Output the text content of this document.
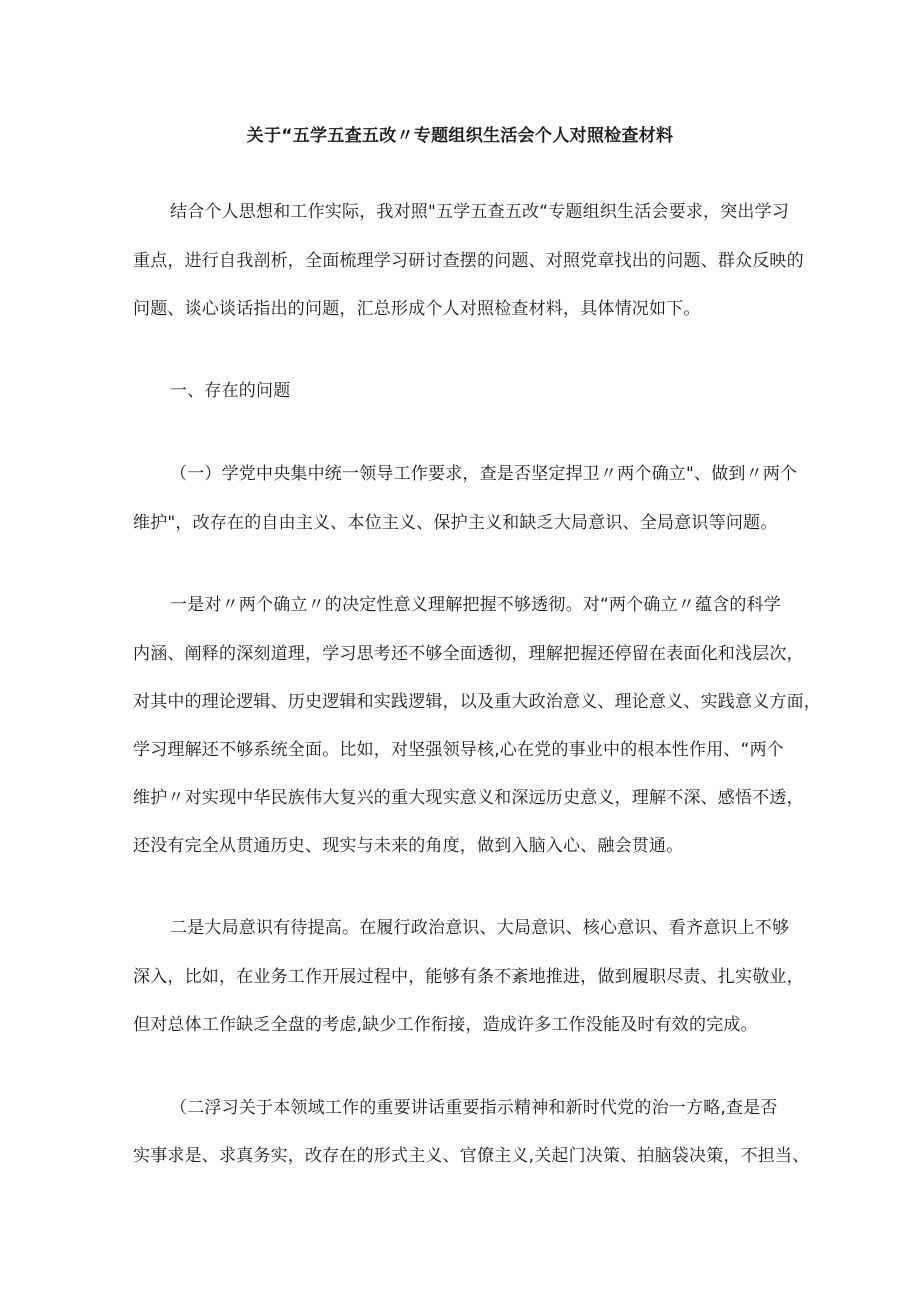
关于“五学五查五改〃专题组织生活会个人对照检查材料
结合个人思想和工作实际，我对照"五学五查五改“专题组织生活会要求，突出学习
重点，进行自我剖析，全面梳理学习研讨查摆的问题、对照党章找出的问题、群众反映的
问题、谈心谈话指出的问题，汇总形成个人对照检查材料，具体情况如下。
一、存在的问题
（一）学党中央集中统一领导工作要求，查是否坚定捍卫〃两个确立"、做到〃两个
维护"，改存在的自由主义、本位主义、保护主义和缺乏大局意识、全局意识等问题。
一是对〃两个确立〃的决定性意义理解把握不够透彻。对“两个确立〃蕴含的科学
内涵、阐释的深刻道理，学习思考还不够全面透彻，理解把握还停留在表面化和浅层次，
对其中的理论逻辑、历史逻辑和实践逻辑，以及重大政治意义、理论意义、实践意义方面，
学习理解还不够系统全面。比如，对坚强领导核,心在党的事业中的根本性作用、“两个
维护〃对实现中华民族伟大复兴的重大现实意义和深远历史意义，理解不深、感悟不透，
还没有完全从贯通历史、现实与未来的角度，做到入脑入心、融会贯通。
二是大局意识有待提高。在履行政治意识、大局意识、核心意识、看齐意识上不够
深入，比如，在业务工作开展过程中，能够有条不紊地推进，做到履职尽责、扎实敬业，
但对总体工作缺乏全盘的考虑,缺少工作衔接，造成许多工作没能及时有效的完成。
（二浮习关于本领域工作的重要讲话重要指示精神和新时代党的治一方略,查是否
实事求是、求真务实，改存在的形式主义、官僚主义,关起门决策、拍脑袋决策，不担当、
